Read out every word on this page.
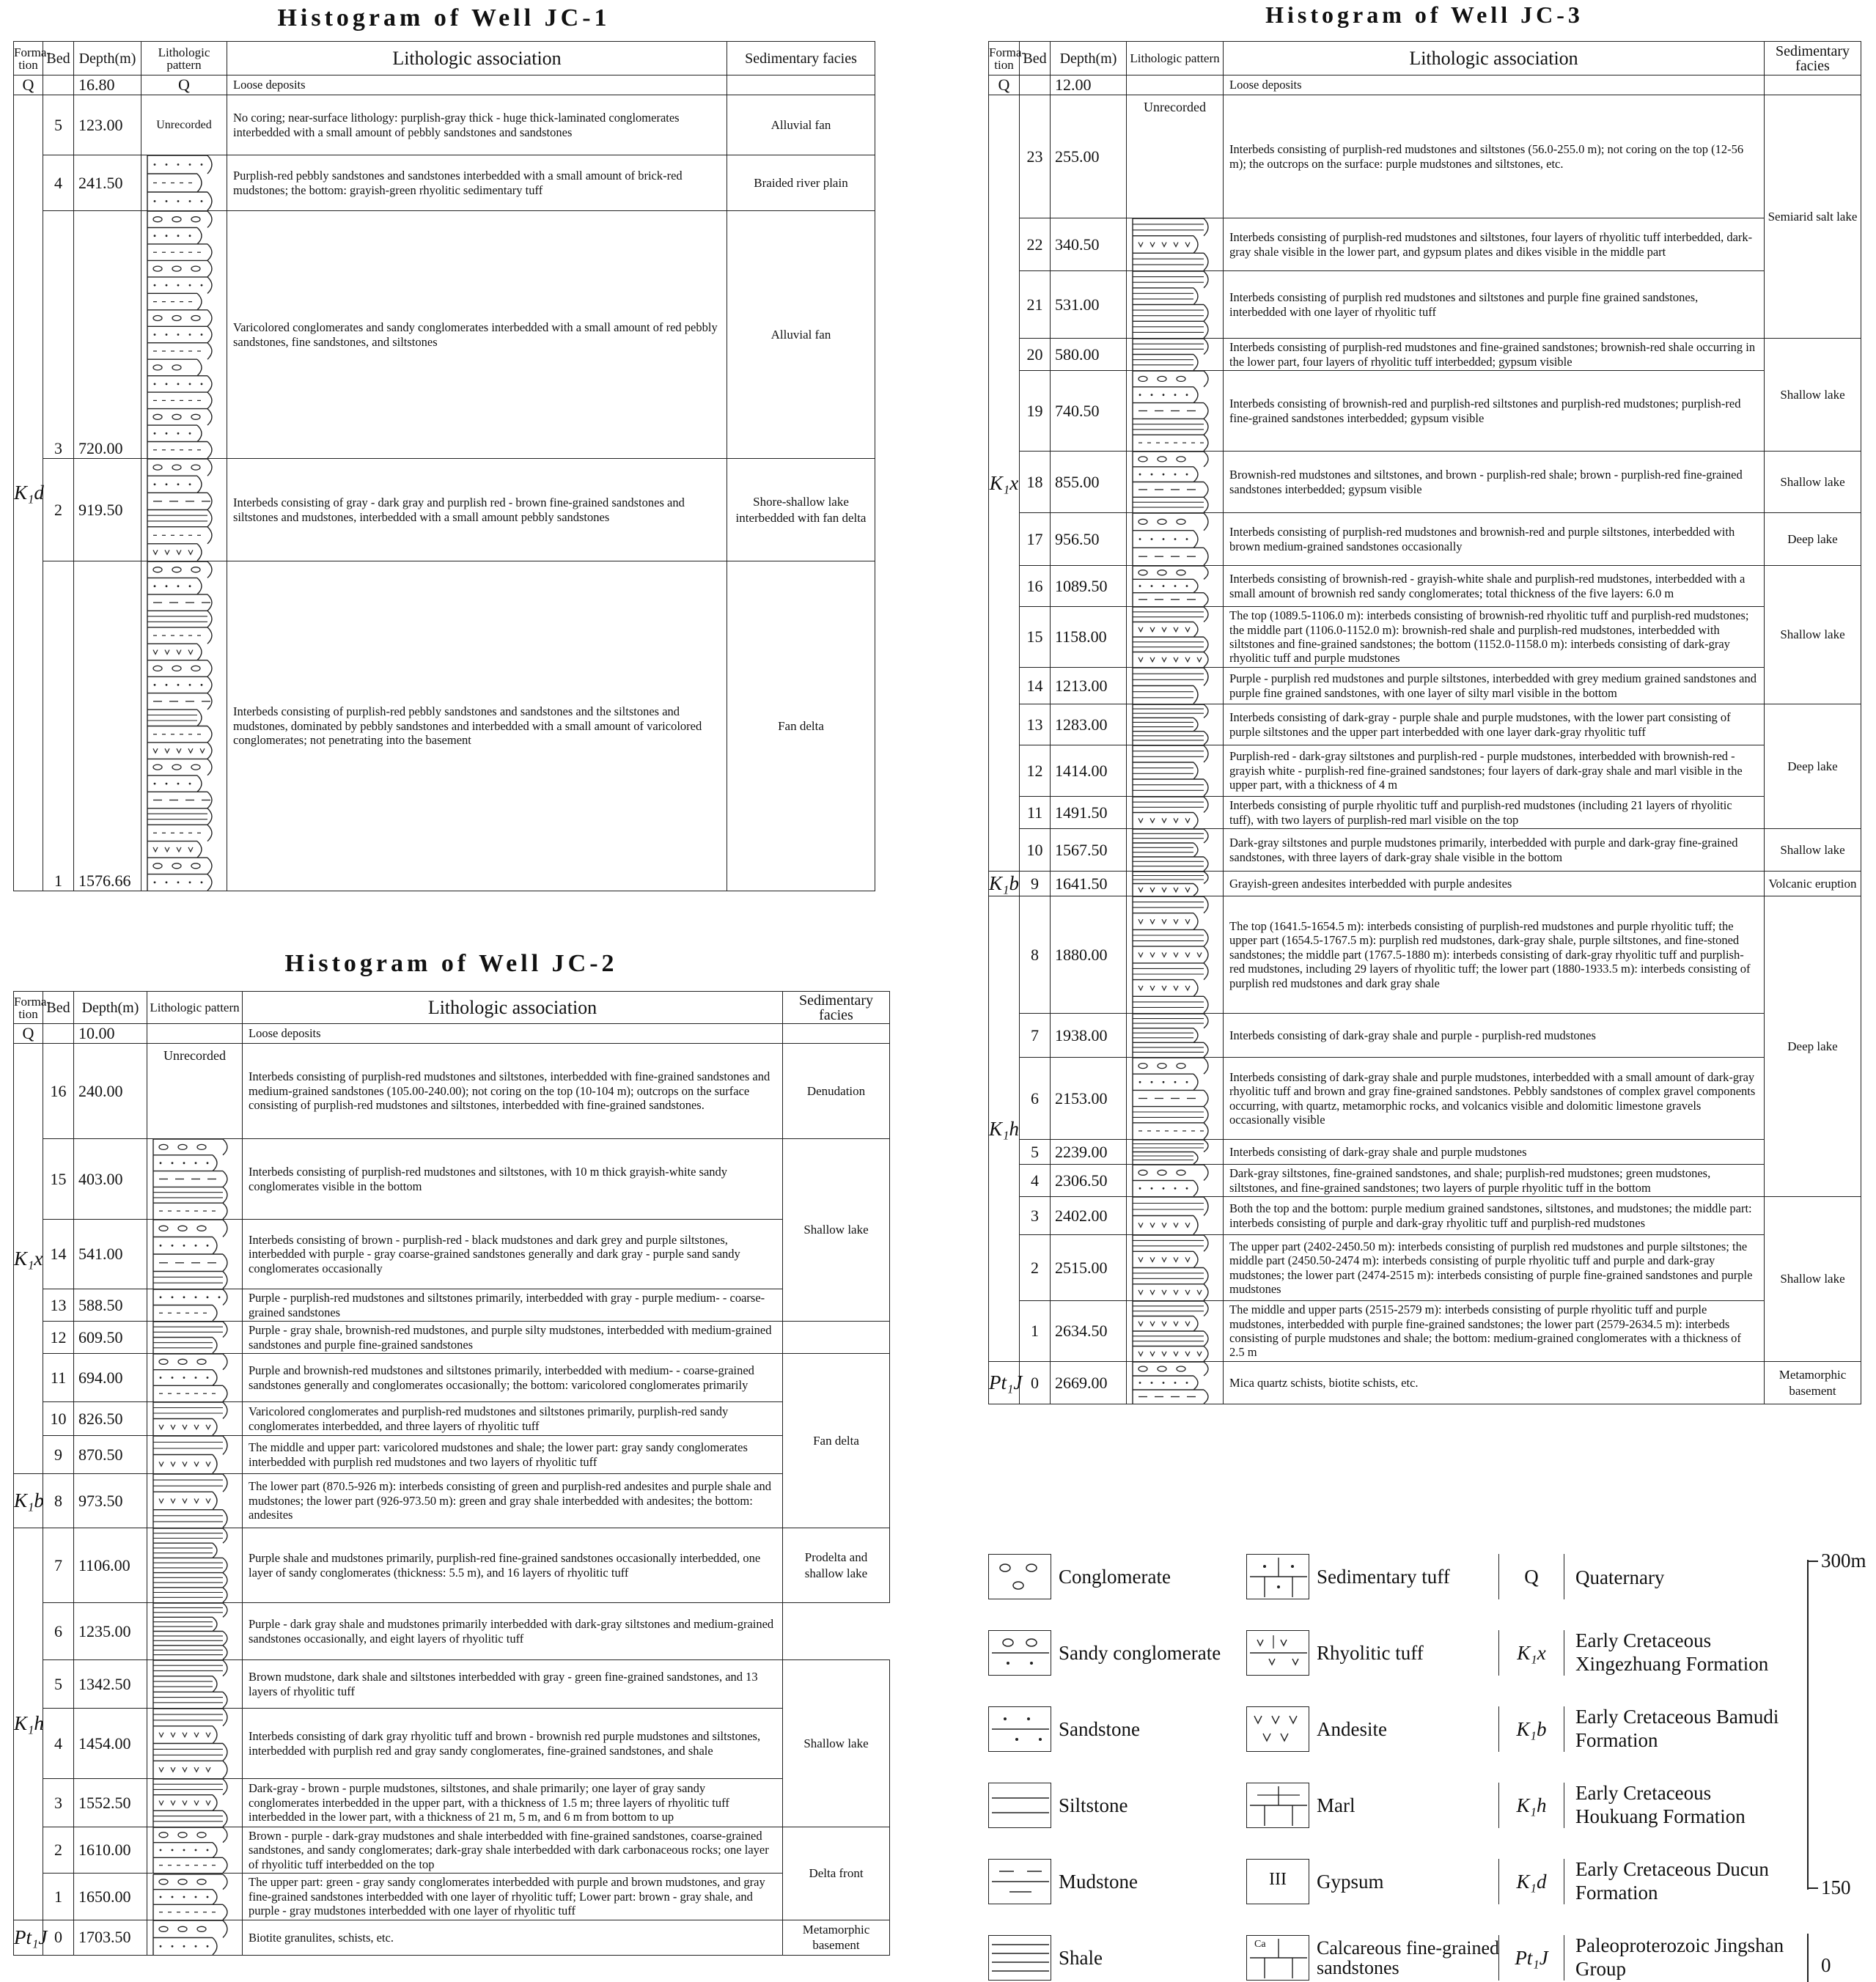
Histogram of Well JC-1
Forma-tion	Bed	Depth(m)	Lithologic pattern	Lithologic association	Sedimentary facies
Q		16.80	Q	Loose deposits	
K₁d	5	123.00	Unrecorded	No coring; near-surface lithology: purplish-gray thick - huge thick-laminated conglomerates interbedded with a small amount of pebbly sandstones and sandstones	Alluvial fan
	4	241.50		Purplish-red pebbly sandstones and sandstones interbedded with a small amount of brick-red mudstones; the bottom: grayish-green rhyolitic sedimentary tuff	Braided river plain
	3	720.00		Varicolored conglomerates and sandy conglomerates interbedded with a small amount of red pebbly sandstones, fine sandstones, and siltstones	Alluvial fan
	2	919.50		Interbeds consisting of gray - dark gray and purplish red - brown fine-grained sandstones and siltstones and mudstones, interbedded with a small amount pebbly sandstones	Shore-shallow lake interbedded with fan delta
	1	1576.66		Interbeds consisting of purplish-red pebbly sandstones and sandstones and the siltstones and mudstones, dominated by pebbly sandstones and interbedded with a small amount of varicolored conglomerates; not penetrating into the basement	Fan delta
Histogram of Well JC-2
Forma-tion	Bed	Depth(m)	Lithologic pattern	Lithologic association	Sedimentary facies
Q		10.00		Loose deposits	
K₁x	16	240.00	Unrecorded	Interbeds consisting of purplish-red mudstones and siltstones, interbedded with fine-grained sandstones and medium-grained sandstones (105.00-240.00); not coring on the top (10-104 m); outcrops on the surface consisting of purplish-red mudstones and siltstones, interbedded with fine-grained sandstones.	Denudation
	15	403.00		Interbeds consisting of purplish-red mudstones and siltstones, with 10 m thick grayish-white sandy conglomerates visible in the bottom	Shallow lake
	14	541.00		Interbeds consisting of brown - purplish-red - black mudstones and dark grey and purple siltstones, interbedded with purple - gray coarse-grained sandstones generally and dark gray - purple sand sandy conglomerates occasionally	
	13	588.50		Purple - purplish-red mudstones and siltstones primarily, interbedded with gray - purple medium- - coarse-grained sandstones	
	12	609.50		Purple - gray shale, brownish-red mudstones, and purple silty mudstones, interbedded with medium-grained sandstones and purple fine-grained sandstones	
	11	694.00		Purple and brownish-red mudstones and siltstones primarily, interbedded with medium- - coarse-grained sandstones generally and conglomerates occasionally; the bottom: varicolored conglomerates primarily	Fan delta
	10	826.50		Varicolored conglomerates and purplish-red mudstones and siltstones primarily, purplish-red sandy conglomerates interbedded, and three layers of rhyolitic tuff	
	9	870.50		The middle and upper part: varicolored mudstones and shale; the lower part: gray sandy conglomerates interbedded with purplish red mudstones and two layers of rhyolitic tuff	
K₁b	8	973.50		The lower part (870.5-926 m): interbeds consisting of green and purplish-red andesites and purple shale and mudstones; the lower part (926-973.50 m): green and gray shale interbedded with andesites; the bottom: andesites	
K₁h	7	1106.00		Purple shale and mudstones primarily, purplish-red fine-grained sandstones occasionally interbedded, one layer of sandy conglomerates (thickness: 5.5 m), and 16 layers of rhyolitic tuff	Prodelta and shallow lake
	6	1235.00		Purple - dark gray shale and mudstones primarily interbedded with dark-gray siltstones and medium-grained sandstones occasionally, and eight layers of rhyolitic tuff	
	5	1342.50		Brown mudstone, dark shale and siltstones interbedded with gray - green fine-grained sandstones, and 13 layers of rhyolitic tuff	Shallow lake
	4	1454.00		Interbeds consisting of dark gray rhyolitic tuff and brown - brownish red purple mudstones and siltstones, interbedded with purplish red and gray sandy conglomerates, fine-grained sandstones, and shale	
	3	1552.50		Dark-gray - brown - purple mudstones, siltstones, and shale primarily; one layer of gray sandy conglomerates interbedded in the upper part, with a thickness of 1.5 m; three layers of rhyolitic tuff interbedded in the lower part, with a thickness of 21 m, 5 m, and 6 m from bottom to up	
	2	1610.00		Brown - purple - dark-gray mudstones and shale interbedded with fine-grained sandstones, coarse-grained sandstones, and sandy conglomerates; dark-gray shale interbedded with dark carbonaceous rocks; one layer of rhyolitic tuff interbedded on the top	Delta front
	1	1650.00		The upper part: green - gray sandy conglomerates interbedded with purple and brown mudstones, and gray fine-grained sandstones interbedded with one layer of rhyolitic tuff; Lower part: brown - gray shale, and purple - gray mudstones interbedded with one layer of rhyolitic tuff	
Pt₁J	0	1703.50		Biotite granulites, schists, etc.	Metamorphic basement
Histogram of Well JC-3
Forma-tion	Bed	Depth(m)	Lithologic pattern	Lithologic association	Sedimentary facies
Q		12.00		Loose deposits	
K₁x	23	255.00	Unrecorded	Interbeds consisting of purplish-red mudstones and siltstones (56.0-255.0 m); not coring on the top (12-56 m); the outcrops on the surface: purple mudstones and siltstones, etc.	Semiarid salt lake
	22	340.50		Interbeds consisting of purplish-red mudstones and siltstones, four layers of rhyolitic tuff interbedded, dark-gray shale visible in the lower part, and gypsum plates and dikes visible in the middle part	
	21	531.00		Interbeds consisting of purplish red mudstones and siltstones and purple fine grained sandstones, interbedded with one layer of rhyolitic tuff	
	20	580.00		Interbeds consisting of purplish-red mudstones and fine-grained sandstones; brownish-red shale occurring in the lower part, four layers of rhyolitic tuff interbedded; gypsum visible	Shallow lake
	19	740.50		Interbeds consisting of brownish-red and purplish-red siltstones and purplish-red mudstones; purplish-red fine-grained sandstones interbedded; gypsum visible	
	18	855.00		Brownish-red mudstones and siltstones, and brown - purplish-red shale; brown - purplish-red fine-grained sandstones interbedded; gypsum visible	Shallow lake
	17	956.50		Interbeds consisting of purplish-red mudstones and brownish-red and purple siltstones, interbedded with brown medium-grained sandstones occasionally	Deep lake
	16	1089.50		Interbeds consisting of brownish-red - grayish-white shale and purplish-red mudstones, interbedded with a small amount of brownish red sandy conglomerates; total thickness of the five layers: 6.0 m	Shallow lake
	15	1158.00		The top (1089.5-1106.0 m): interbeds consisting of brownish-red rhyolitic tuff and purplish-red mudstones; the middle part (1106.0-1152.0 m): brownish-red shale and purplish-red mudstones, interbedded with siltstones and fine-grained sandstones; the bottom (1152.0-1158.0 m): interbeds consisting of dark-gray rhyolitic tuff and purple mudstones	
	14	1213.00		Purple - purplish red mudstones and purple siltstones, interbedded with grey medium grained sandstones and purple fine grained sandstones, with one layer of silty marl visible in the bottom	
	13	1283.00		Interbeds consisting of dark-gray - purple shale and purple mudstones, with the lower part consisting of purple siltstones and the upper part interbedded with one layer dark-gray rhyolitic tuff	Deep lake
	12	1414.00		Purplish-red - dark-gray siltstones and purplish-red - purple mudstones, interbedded with brownish-red - grayish white - purplish-red fine-grained sandstones; four layers of dark-gray shale and marl visible in the upper part, with a thickness of 4 m	
	11	1491.50		Interbeds consisting of purple rhyolitic tuff and purplish-red mudstones (including 21 layers of rhyolitic tuff), with two layers of purplish-red marl visible on the top	
	10	1567.50		Dark-gray siltstones and purple mudstones primarily, interbedded with purple and dark-gray fine-grained sandstones, with three layers of dark-gray shale visible in the bottom	Shallow lake
K₁b	9	1641.50		Grayish-green andesites interbedded with purple andesites	Volcanic eruption
K₁h	8	1880.00		The top (1641.5-1654.5 m): interbeds consisting of purplish-red mudstones and purple rhyolitic tuff; the upper part (1654.5-1767.5 m): purplish red mudstones, dark-gray shale, purple siltstones, and fine-stoned sandstones; the middle part (1767.5-1880 m): interbeds consisting of dark-gray rhyolitic tuff and purplish-red mudstones, including 29 layers of rhyolitic tuff; the lower part (1880-1933.5 m): interbeds consisting of purplish red mudstones and dark gray shale	Deep lake
	7	1938.00		Interbeds consisting of dark-gray shale and purple - purplish-red mudstones	
	6	2153.00		Interbeds consisting of dark-gray shale and purple mudstones, interbedded with a small amount of dark-gray rhyolitic tuff and brown and gray fine-grained sandstones. Pebbly sandstones of complex gravel components occurring, with quartz, metamorphic rocks, and volcanics visible and dolomitic limestone gravels occasionally visible	
	5	2239.00		Interbeds consisting of dark-gray shale and purple mudstones	
	4	2306.50		Dark-gray siltstones, fine-grained sandstones, and shale; purplish-red mudstones; green mudstones, siltstones, and fine-grained sandstones; two layers of purple rhyolitic tuff in the bottom	
	3	2402.00		Both the top and the bottom: purple medium grained sandstones, siltstones, and mudstones; the middle part: interbeds consisting of purple and dark-gray rhyolitic tuff and purplish-red mudstones	Shallow lake
	2	2515.00		The upper part (2402-2450.50 m): interbeds consisting of purplish red mudstones and purple siltstones; the middle part (2450.50-2474 m): interbeds consisting of purple rhyolitic tuff and purple and dark-gray mudstones; the lower part (2474-2515 m): interbeds consisting of purple fine-grained sandstones and purple mudstones	
	1	2634.50		The middle and upper parts (2515-2579 m): interbeds consisting of purple rhyolitic tuff and purple mudstones, interbedded with purple fine-grained sandstones; the lower part (2579-2634.5 m): interbeds consisting of purple mudstones and shale; the bottom: medium-grained conglomerates with a thickness of 2.5 m	
Pt₁J	0	2669.00		Mica quartz schists, biotite schists, etc.	Metamorphic basement
Conglomerate
Sandy conglomerate
Sandstone
Siltstone
Mudstone
Shale
Sedimentary tuff
Rhyolitic tuff
Andesite
Marl
III	Gypsum
Ca	Calcareous fine-grained sandstones
Q	Quaternary
K₁x
Early Cretaceous Xingezhuang Formation
K₁b
Early Cretaceous Bamudi Formation
K₁h
Early Cretaceous Houkuang Formation
K₁d
Early Cretaceous Ducun Formation
Pt₁J
Paleoproterozoic Jingshan Group
300m
150
0
